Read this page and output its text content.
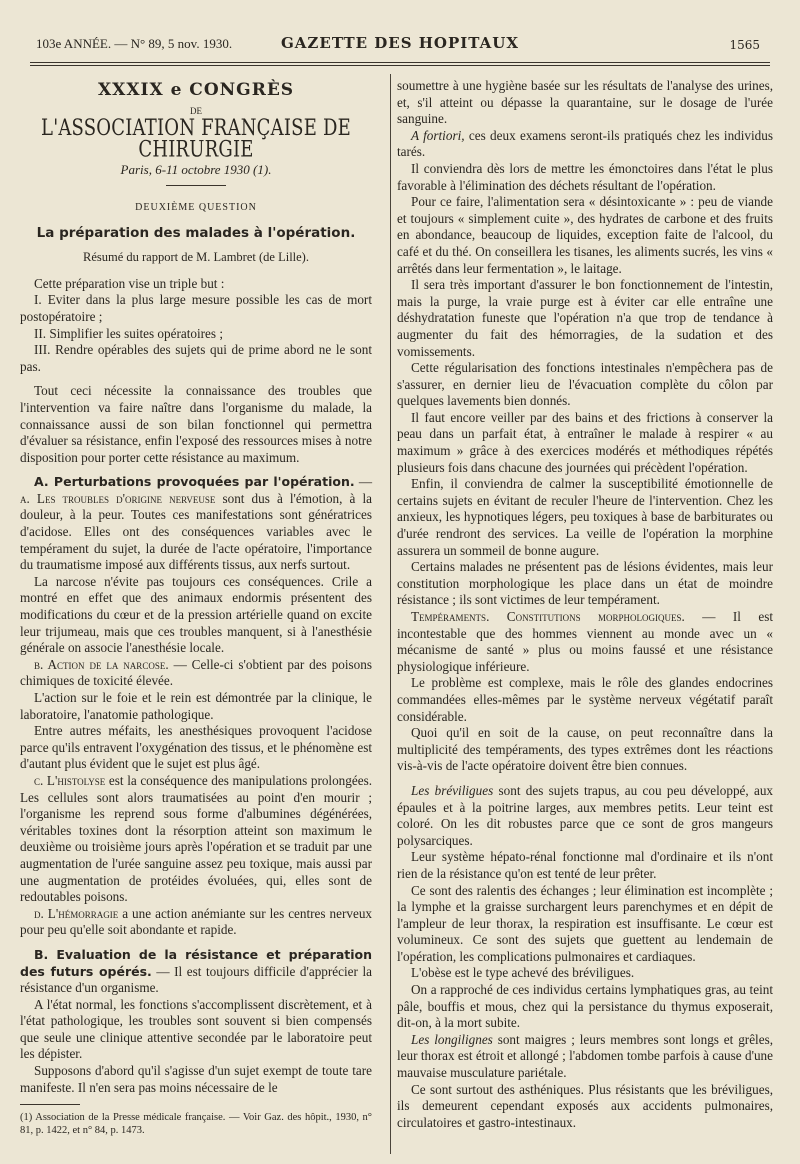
103e ANNÉE. — N° 89, 5 nov. 1930.	GAZETTE DES HOPITAUX	1565
XXXIX e CONGRÈS
DE
L'ASSOCIATION FRANÇAISE DE CHIRURGIE
Paris, 6-11 octobre 1930 (1).
DEUXIÈME QUESTION
La préparation des malades à l'opération.
Résumé du rapport de M. Lambret (de Lille).

Cette préparation vise un triple but :

I. Eviter dans la plus large mesure possible les cas de mort postopératoire ;

II. Simplifier les suites opératoires ;

III. Rendre opérables des sujets qui de prime abord ne le sont pas.

Tout ceci nécessite la connaissance des troubles que l'intervention va faire naître dans l'organisme du malade, la connaissance aussi de son bilan fonctionnel qui permettra d'évaluer sa résistance, enfin l'exposé des ressources mises à notre disposition pour porter cette résistance au maximum.

A. Perturbations provoquées par l'opération. — a. Les troubles d'origine nerveuse sont dus à l'émotion, à la douleur, à la peur. Toutes ces manifestations sont génératrices d'acidose. Elles ont des conséquences variables avec le tempérament du sujet, la durée de l'acte opératoire, l'importance du traumatisme imposé aux différents tissus, aux nerfs surtout.

La narcose n'évite pas toujours ces conséquences. Crile a montré en effet que des animaux endormis présentent des modifications du cœur et de la pression artérielle quand on excite leur trijumeau, mais que ces troubles manquent, si à l'anesthésie générale on associe l'anesthésie locale.

b. Action de la narcose. — Celle-ci s'obtient par des poisons chimiques de toxicité élevée.

L'action sur le foie et le rein est démontrée par la clinique, le laboratoire, l'anatomie pathologique.

Entre autres méfaits, les anesthésiques provoquent l'acidose parce qu'ils entravent l'oxygénation des tissus, et le phénomène est d'autant plus évident que le sujet est plus âgé.

c. L'histolyse est la conséquence des manipulations prolongées. Les cellules sont alors traumatisées au point d'en mourir ; l'organisme les reprend sous forme d'albumines dégénérées, véritables toxines dont la résorption atteint son maximum le deuxième ou troisième jours après l'opération et se traduit par une augmentation de l'urée sanguine assez peu toxique, mais aussi par une augmentation de protéides évoluées, qui, elles sont de redoutables poisons.

d. L'hémorragie a une action anémiante sur les centres nerveux pour peu qu'elle soit abondante et rapide.

B. Evaluation de la résistance et préparation des futurs opérés. — Il est toujours difficile d'apprécier la résistance d'un organisme.

A l'état normal, les fonctions s'accomplissent discrètement, et à l'état pathologique, les troubles sont souvent si bien compensés que seule une clinique attentive secondée par le laboratoire peut les dépister.

Supposons d'abord qu'il s'agisse d'un sujet exempt de toute tare manifeste. Il n'en sera pas moins nécessaire de le

(1) Association de la Presse médicale française. — Voir Gaz. des hôpit., 1930, n° 81, p. 1422, et n° 84, p. 1473.

soumettre à une hygiène basée sur les résultats de l'analyse des urines, et, s'il atteint ou dépasse la quarantaine, sur le dosage de l'urée sanguine.

A fortiori, ces deux examens seront-ils pratiqués chez les individus tarés.

Il conviendra dès lors de mettre les émonctoires dans l'état le plus favorable à l'élimination des déchets résultant de l'opération.

Pour ce faire, l'alimentation sera « désintoxicante » : peu de viande et toujours « simplement cuite », des hydrates de carbone et des fruits en abondance, beaucoup de liquides, exception faite de l'alcool, du café et du thé. On conseillera les tisanes, les aliments sucrés, les vins « arrêtés dans leur fermentation », le laitage.

Il sera très important d'assurer le bon fonctionnement de l'intestin, mais la purge, la vraie purge est à éviter car elle entraîne une déshydratation funeste que l'opération n'a que trop de tendance à augmenter du fait des hémorragies, de la sudation et des vomissements.

Cette régularisation des fonctions intestinales n'empêchera pas de s'assurer, en dernier lieu de l'évacuation complète du côlon par quelques lavements bien donnés.

Il faut encore veiller par des bains et des frictions à conserver la peau dans un parfait état, à entraîner le malade à respirer « au maximum » grâce à des exercices modérés et méthodiques répétés plusieurs fois dans chacune des journées qui précèdent l'opération.

Enfin, il conviendra de calmer la susceptibilité émotionnelle de certains sujets en évitant de reculer l'heure de l'intervention. Chez les anxieux, les hypnotiques légers, peu toxiques à base de barbiturates ou d'urée rendront des services. La veille de l'opération la morphine assurera un sommeil de bonne augure.

Certains malades ne présentent pas de lésions évidentes, mais leur constitution morphologique les place dans un état de moindre résistance ; ils sont victimes de leur tempérament.

Tempéraments. Constitutions morphologiques. — Il est incontestable que des hommes viennent au monde avec un « mécanisme de santé » plus ou moins faussé et une résistance physiologique inférieure.

Le problème est complexe, mais le rôle des glandes endocrines commandées elles-mêmes par le système nerveux végétatif paraît considérable.

Quoi qu'il en soit de la cause, on peut reconnaître dans la multiplicité des tempéraments, des types extrêmes dont les réactions vis-à-vis de l'acte opératoire doivent être bien connues.

Les bréviligues sont des sujets trapus, au cou peu développé, aux épaules et à la poitrine larges, aux membres petits. Leur teint est coloré. On les dit robustes parce que ce sont de gros mangeurs polysarciques.

Leur système hépato-rénal fonctionne mal d'ordinaire et ils n'ont rien de la résistance qu'on est tenté de leur prêter.

Ce sont des ralentis des échanges ; leur élimination est incomplète ; la lymphe et la graisse surchargent leurs parenchymes et en dépit de l'ampleur de leur thorax, la respiration est insuffisante. Le cœur est volumineux. Ce sont des sujets que guettent au lendemain de l'opération, les complications pulmonaires et cardiaques.

L'obèse est le type achevé des bréviligues.

On a rapproché de ces individus certains lymphatiques gras, au teint pâle, bouffis et mous, chez qui la persistance du thymus exposerait, dit-on, à la mort subite.

Les longilignes sont maigres ; leurs membres sont longs et grêles, leur thorax est étroit et allongé ; l'abdomen tombe parfois à cause d'une mauvaise musculature pariétale.

Ce sont surtout des asthéniques. Plus résistants que les bréviligues, ils demeurent cependant exposés aux accidents pulmonaires, circulatoires et gastro-intestinaux.
